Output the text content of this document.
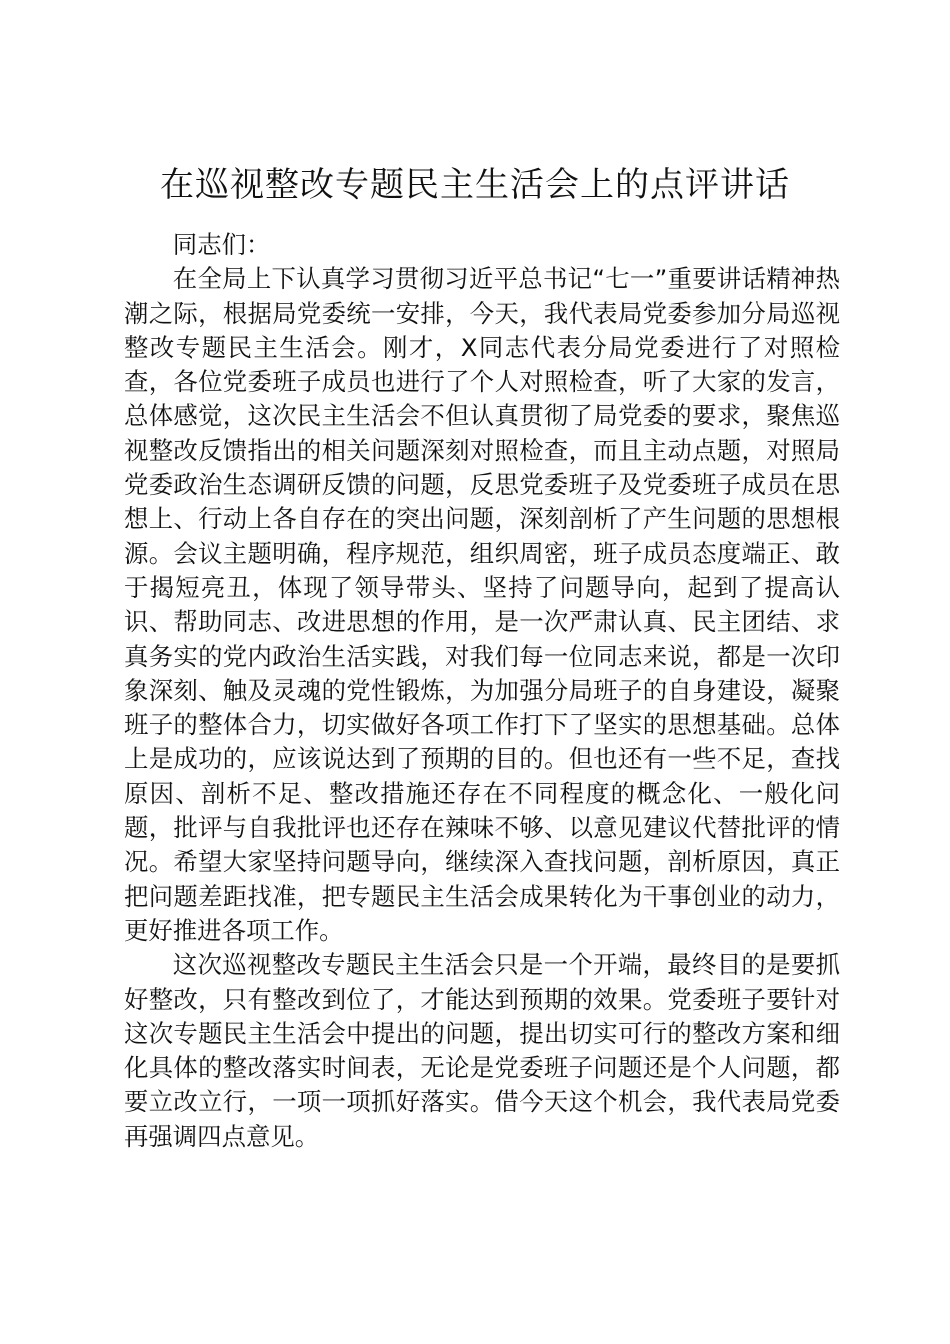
在巡视整改专题民主生活会上的点评讲话

同志们：

在全局上下认真学习贯彻习近平总书记“七一”重要讲话精神热潮之际，根据局党委统一安排，今天，我代表局党委参加分局巡视整改专题民主生活会。刚才，X同志代表分局党委进行了对照检查，各位党委班子成员也进行了个人对照检查，听了大家的发言，总体感觉，这次民主生活会不但认真贯彻了局党委的要求，聚焦巡视整改反馈指出的相关问题深刻对照检查，而且主动点题，对照局党委政治生态调研反馈的问题，反思党委班子及党委班子成员在思想上、行动上各自存在的突出问题，深刻剖析了产生问题的思想根源。会议主题明确，程序规范，组织周密，班子成员态度端正、敢于揭短亮丑，体现了领导带头、坚持了问题导向，起到了提高认识、帮助同志、改进思想的作用，是一次严肃认真、民主团结、求真务实的党内政治生活实践，对我们每一位同志来说，都是一次印象深刻、触及灵魂的党性锻炼，为加强分局班子的自身建设，凝聚班子的整体合力，切实做好各项工作打下了坚实的思想基础。总体上是成功的，应该说达到了预期的目的。但也还有一些不足，查找原因、剖析不足、整改措施还存在不同程度的概念化、一般化问题，批评与自我批评也还存在辣味不够、以意见建议代替批评的情况。希望大家坚持问题导向，继续深入查找问题，剖析原因，真正把问题差距找准，把专题民主生活会成果转化为干事创业的动力，更好推进各项工作。

这次巡视整改专题民主生活会只是一个开端，最终目的是要抓好整改，只有整改到位了，才能达到预期的效果。党委班子要针对这次专题民主生活会中提出的问题，提出切实可行的整改方案和细化具体的整改落实时间表，无论是党委班子问题还是个人问题，都要立改立行，一项一项抓好落实。借今天这个机会，我代表局党委再强调四点意见。
